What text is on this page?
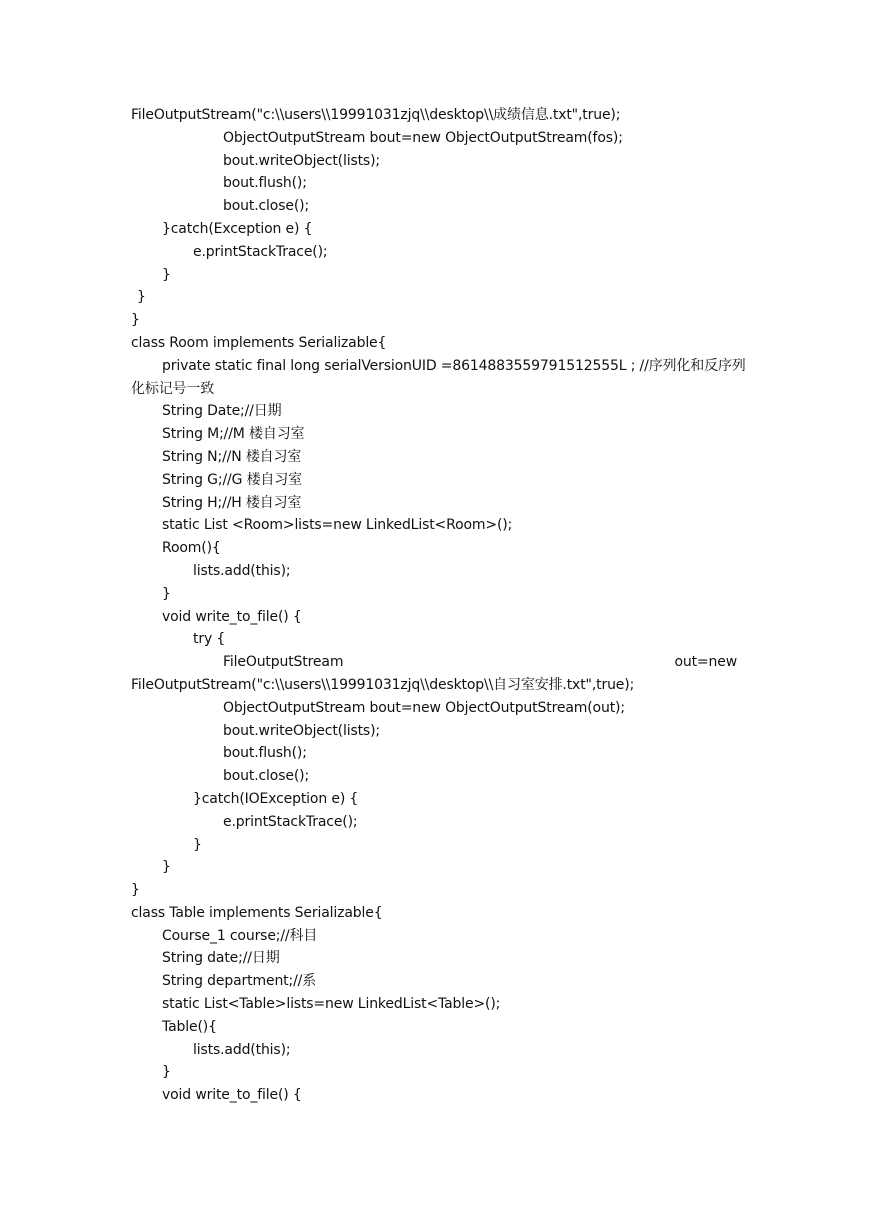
FileOutputStream("c:\\users\\19991031zjq\\desktop\\成绩信息.txt",true);
ObjectOutputStream bout=new ObjectOutputStream(fos);
bout.writeObject(lists);
bout.flush();
bout.close();
}catch(Exception e) {
e.printStackTrace();
}
}
}
class Room implements Serializable{
private static final long serialVersionUID =8614883559791512555L ; //序列化和反序列
化标记号一致
String Date;//日期
String M;//M 楼自习室
String N;//N 楼自习室
String G;//G 楼自习室
String H;//H 楼自习室
static List <Room>lists=new LinkedList<Room>();
Room(){
lists.add(this);
}
void write_to_file() {
try {
FileOutputStream	out=new
FileOutputStream("c:\\users\\19991031zjq\\desktop\\自习室安排.txt",true);
ObjectOutputStream bout=new ObjectOutputStream(out);
bout.writeObject(lists);
bout.flush();
bout.close();
}catch(IOException e) {
e.printStackTrace();
}
}
}
class Table implements Serializable{
Course_1 course;//科目
String date;//日期
String department;//系
static List<Table>lists=new LinkedList<Table>();
Table(){
lists.add(this);
}
void write_to_file() {
